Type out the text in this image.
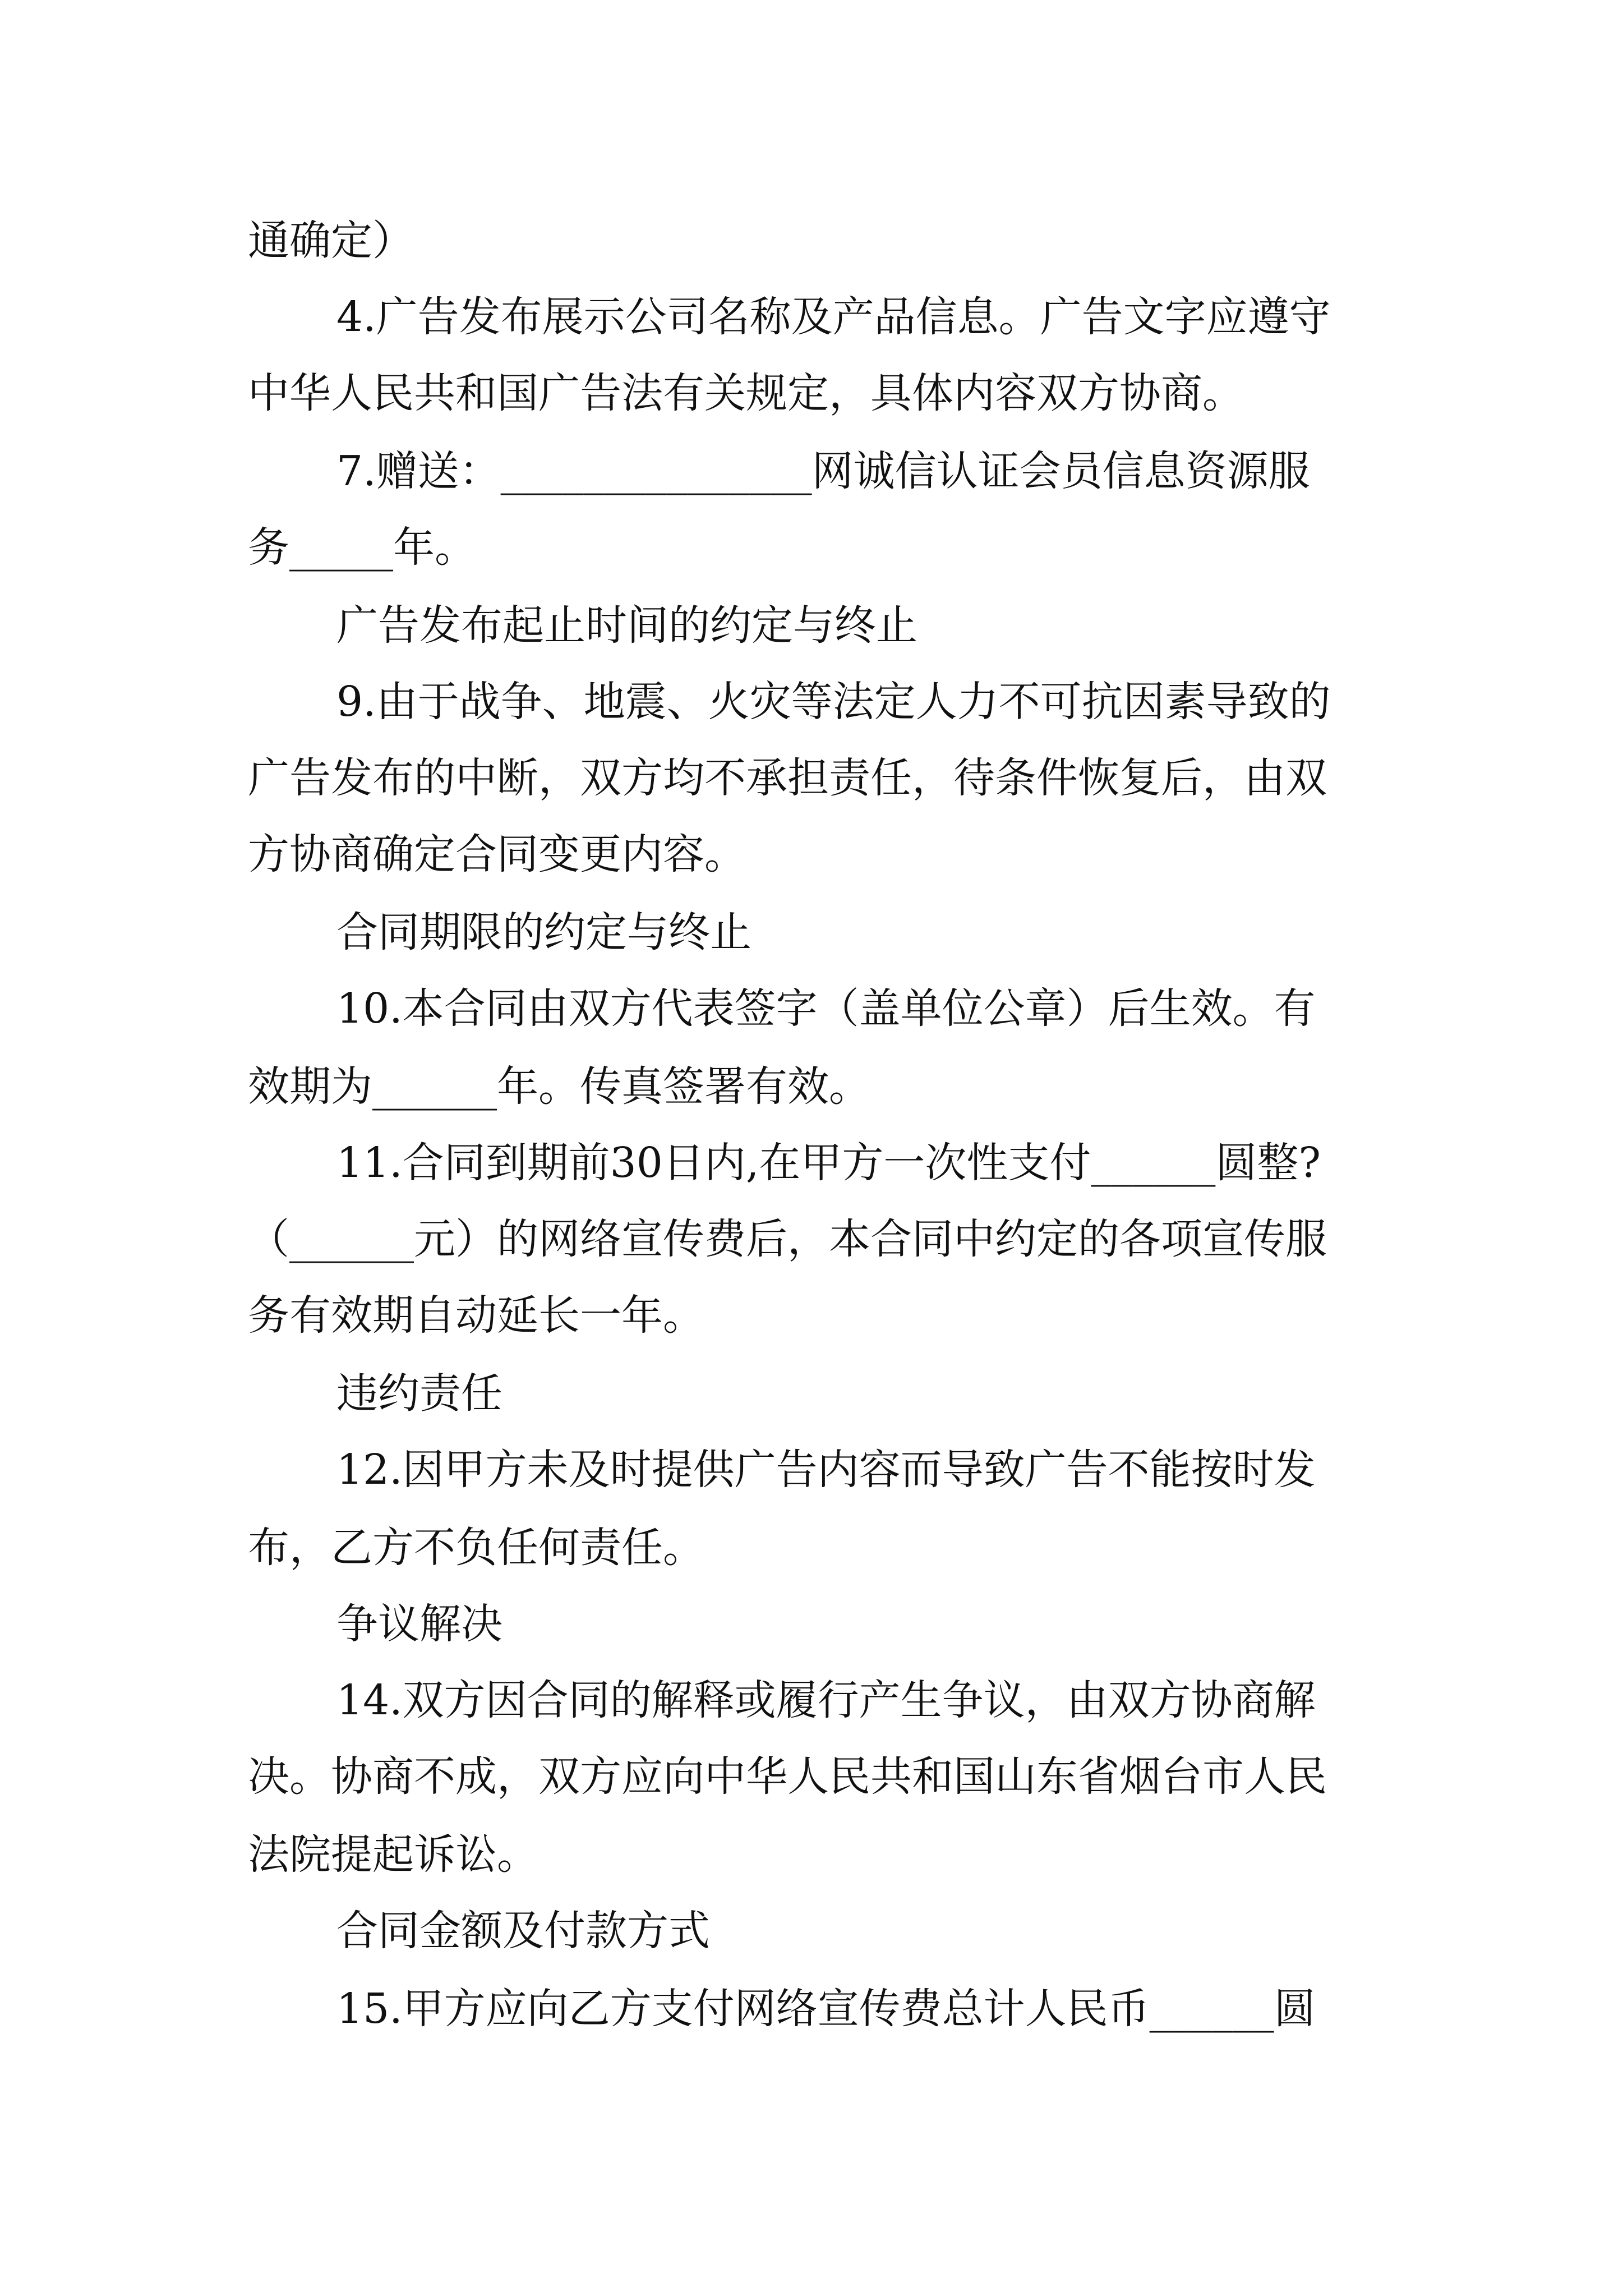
通确定）
4.广告发布展示公司名称及产品信息。广告文字应遵守
中华人民共和国广告法有关规定，具体内容双方协商。
7.赠送：_______________网诚信认证会员信息资源服
务_____年。
广告发布起止时间的约定与终止
9.由于战争、地震、火灾等法定人力不可抗因素导致的
广告发布的中断，双方均不承担责任，待条件恢复后，由双
方协商确定合同变更内容。
合同期限的约定与终止
10.本合同由双方代表签字（盖单位公章）后生效。有
效期为______年。传真签署有效。
11.合同到期前30日内,在甲方一次性支付______圆整?
（______元）的网络宣传费后，本合同中约定的各项宣传服
务有效期自动延长一年。
违约责任
12.因甲方未及时提供广告内容而导致广告不能按时发
布，乙方不负任何责任。
争议解决
14.双方因合同的解释或履行产生争议，由双方协商解
决。协商不成，双方应向中华人民共和国山东省烟台市人民
法院提起诉讼。
合同金额及付款方式
15.甲方应向乙方支付网络宣传费总计人民币______圆
